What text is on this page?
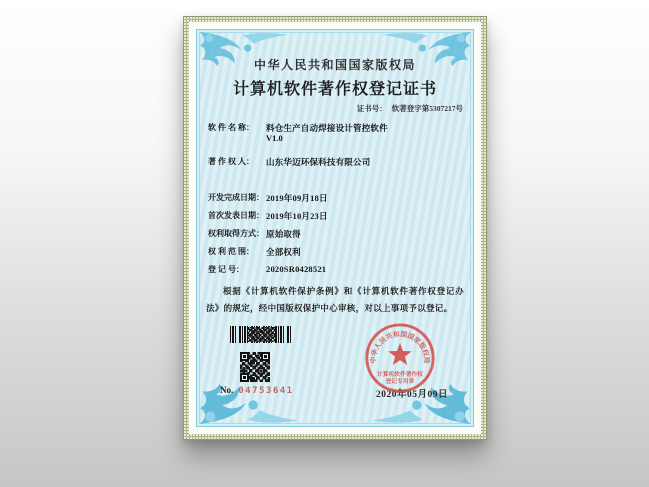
中华人民共和国国家版权局
计算机软件著作权登记证书
证书号： 软著登字第5307217号
软 件 名 称：	料仓生产自动焊接设计管控软件
V1.0
著 作 权 人：	山东华迈环保科技有限公司
开发完成日期： 2019年09月18日
首次发表日期： 2019年10月23日
权利取得方式： 原始取得
权 利 范 围：	全部权利
登 记 号：	2020SR0428521
根据《计算机软件保护条例》和《计算机软件著作权登记办法》的规定，经中国版权保护中心审核，对以上事项予以登记。
No. 04753641
中华人民共和国国家版权局
计算机软件著作权
登记专用章
2020年05月09日
